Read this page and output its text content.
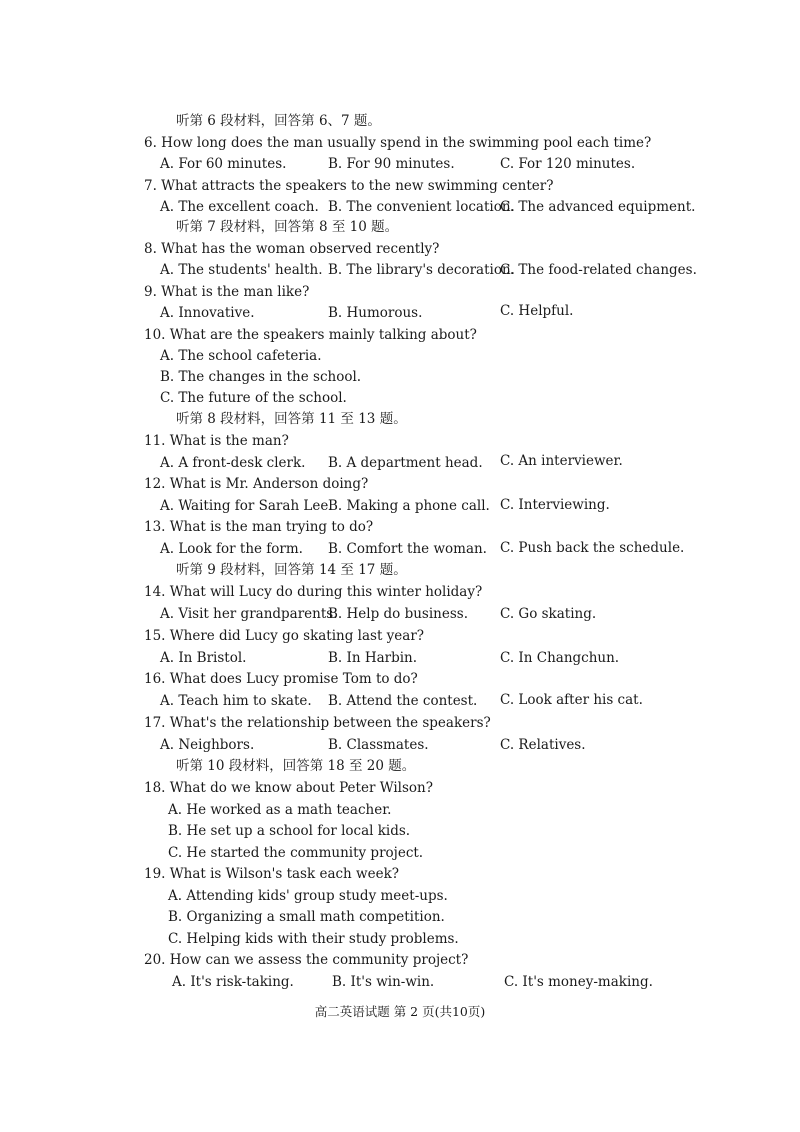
听第 6 段材料，回答第 6、7 题。
6. How long does the man usually spend in the swimming pool each time?
A. For 60 minutes.	B. For 90 minutes.	C. For 120 minutes.
7. What attracts the speakers to the new swimming center?
A. The excellent coach. B. The convenient location.
C. The advanced equipment.
听第 7 段材料，回答第 8 至 10 题。
8. What has the woman observed recently?
A. The students' health. B. The library's decoration.
C. The food-related changes.
9. What is the man like?
A. Innovative.	B. Humorous.	C. Helpful.
10. What are the speakers mainly talking about?
A. The school cafeteria.
B. The changes in the school.
C. The future of the school.
听第 8 段材料，回答第 11 至 13 题。
11. What is the man?
A. A front-desk clerk. B. A department head. C. An interviewer.
12. What is Mr. Anderson doing?
A. Waiting for Sarah Lee.
B. Making a phone call. C. Interviewing.
13. What is the man trying to do?
A. Look for the form. B. Comfort the woman. C. Push back the schedule.
听第 9 段材料，回答第 14 至 17 题。
14. What will Lucy do during this winter holiday?
A. Visit her grandparents.
B. Help do business. C. Go skating.
15. Where did Lucy go skating last year?
A. In Bristol.	B. In Harbin.	C. In Changchun.
16. What does Lucy promise Tom to do?
A. Teach him to skate. B. Attend the contest. C. Look after his cat.
17. What's the relationship between the speakers?
A. Neighbors.	B. Classmates.	C. Relatives.
听第 10 段材料，回答第 18 至 20 题。
18. What do we know about Peter Wilson?
A. He worked as a math teacher.
B. He set up a school for local kids.
C. He started the community project.
19. What is Wilson's task each week?
A. Attending kids' group study meet-ups.
B. Organizing a small math competition.
C. Helping kids with their study problems.
20. How can we assess the community project?
A. It's risk-taking.	B. It's win-win.	C. It's money-making.
高二英语试题 第 2 页(共10页)
